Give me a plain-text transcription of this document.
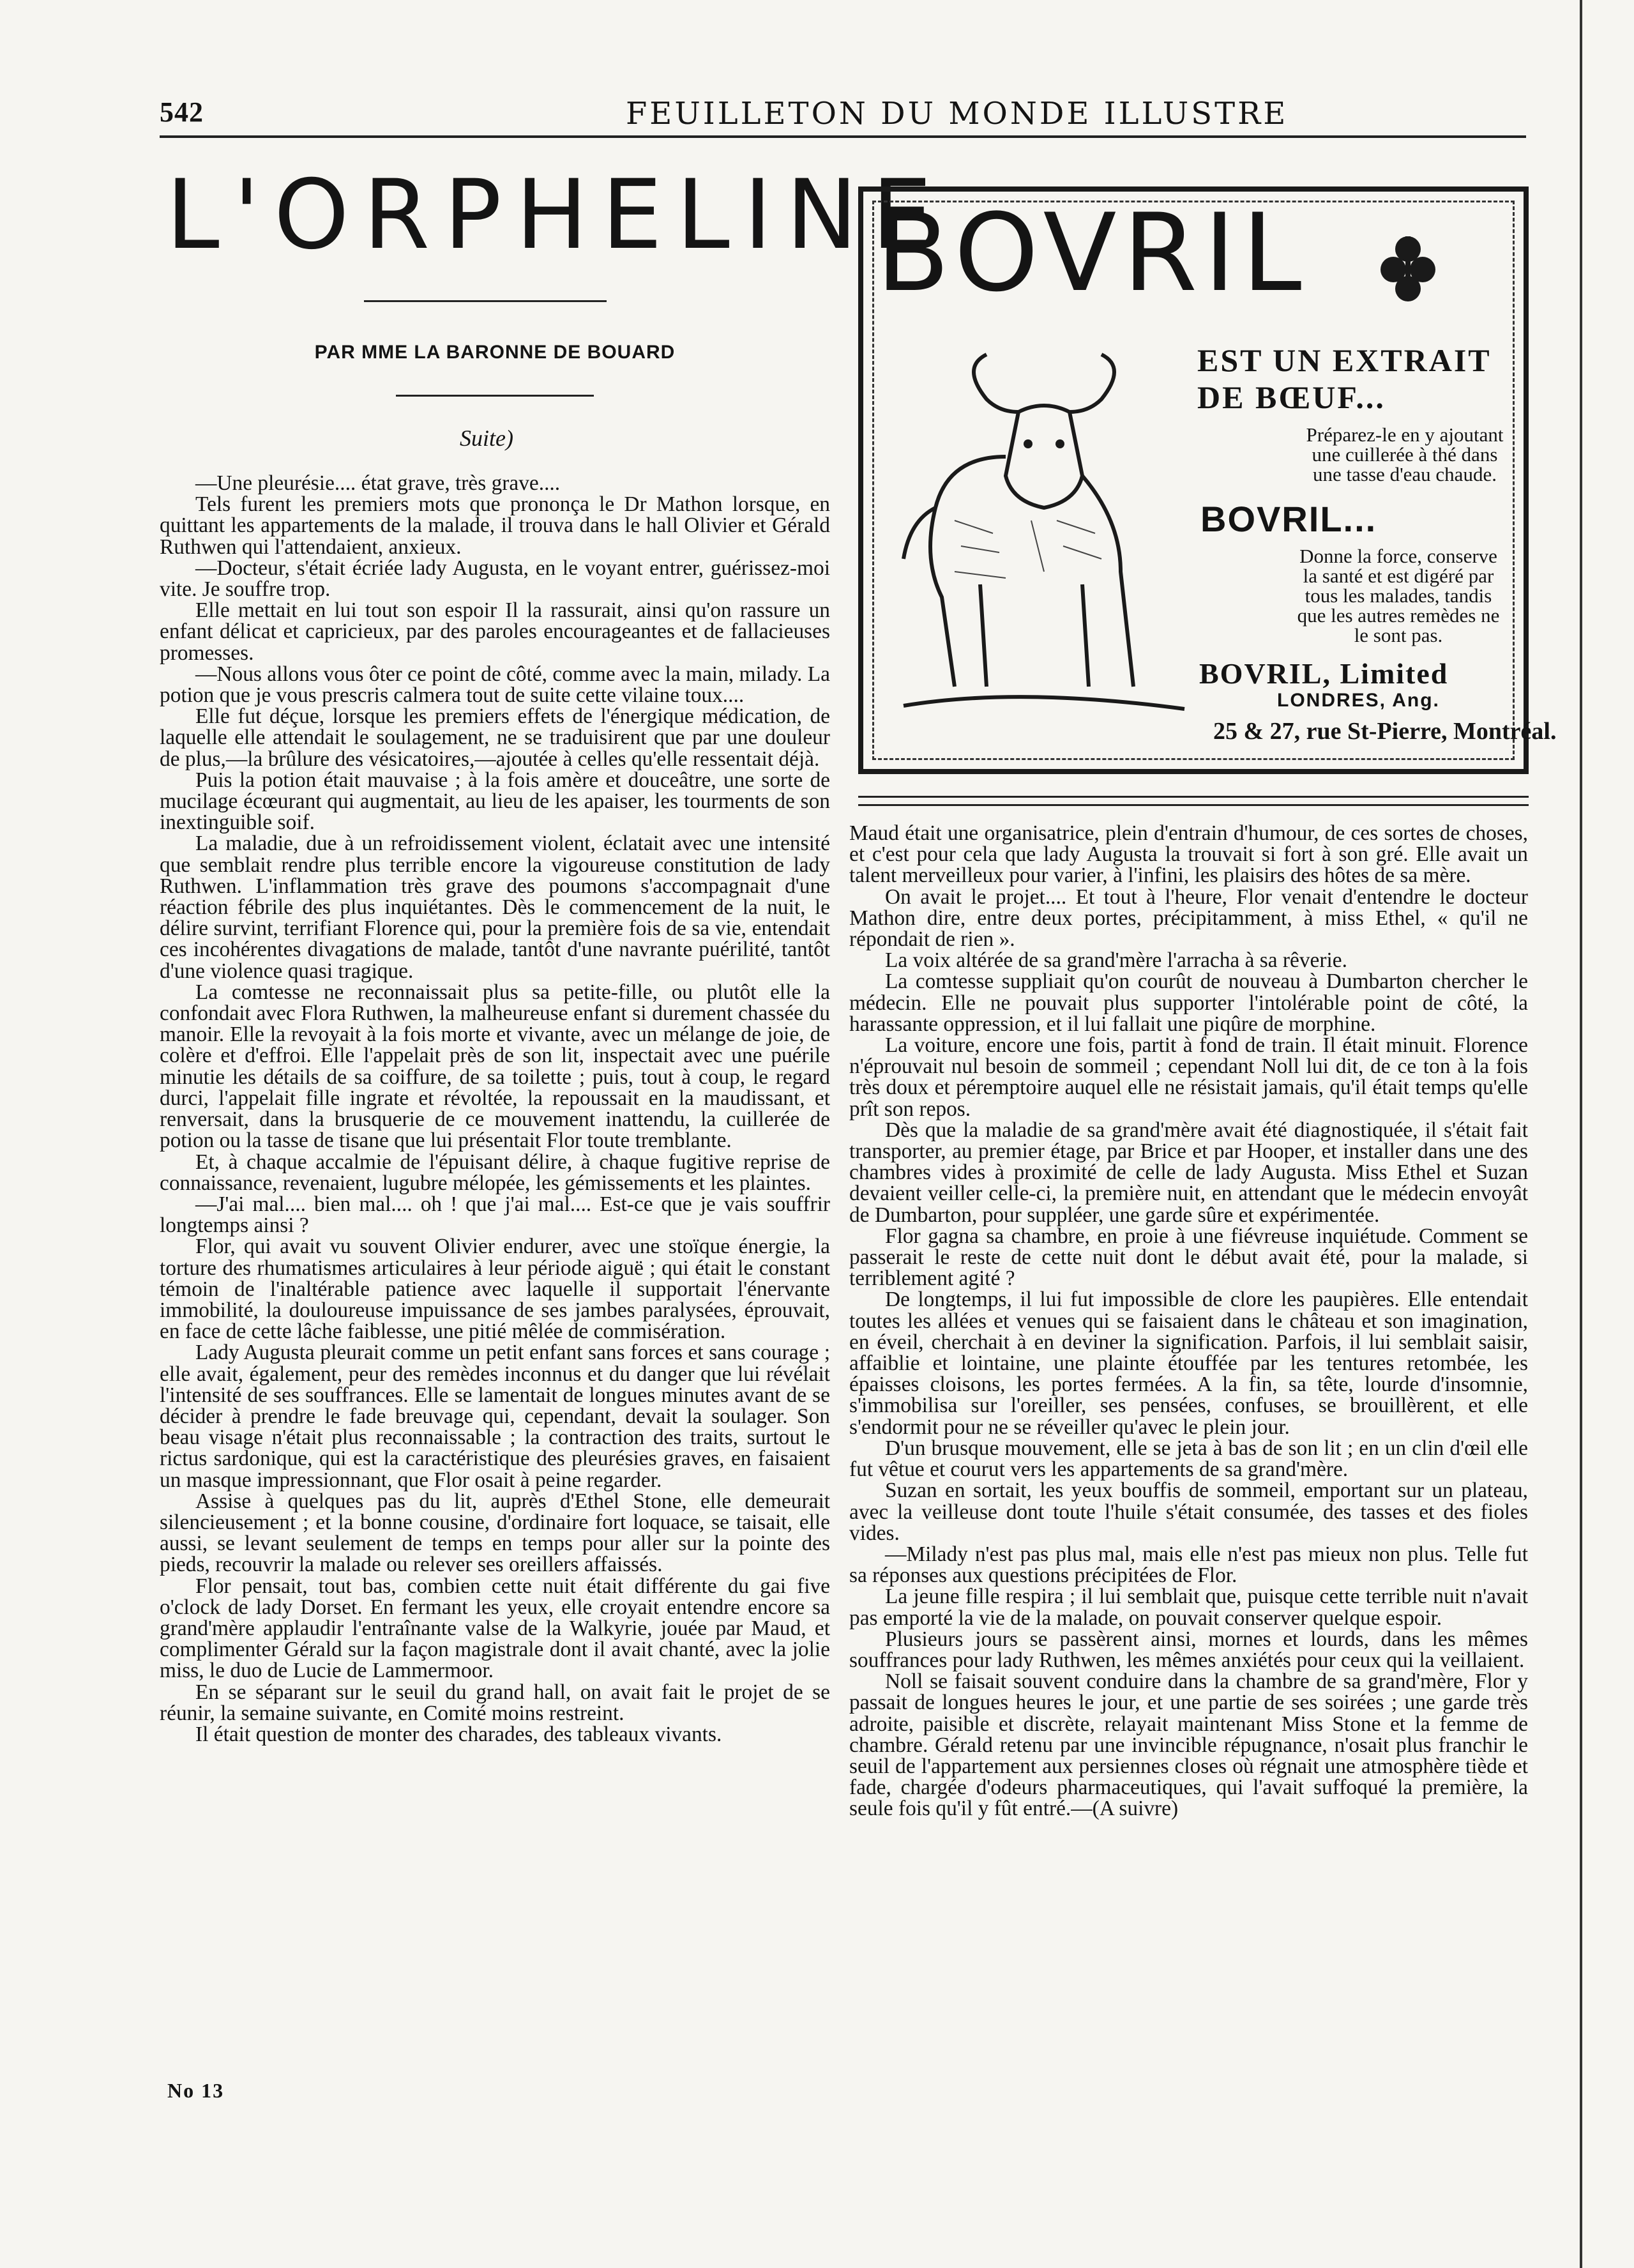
542	FEUILLETON DU MONDE ILLUSTRE
L'ORPHELINE
PAR MME LA BARONNE DE BOUARD
Suite)
BOVRIL
EST UN EXTRAIT
DE BŒUF...
Préparez-le en y ajoutant
une cuillerée à thé dans
une tasse d'eau chaude.
BOVRIL...
Donne la force, conserve
la santé et est digéré par
tous les malades, tandis
que les autres remèdes ne
le sont pas.
BOVRIL, Limited
LONDRES, Ang.
25 & 27, rue St-Pierre, Montréal.

—Une pleurésie.... état grave, très grave....

Tels furent les premiers mots que prononça le Dr Mathon lorsque, en quittant les appartements de la malade, il trouva dans le hall Olivier et Gérald Ruthwen qui l'attendaient, anxieux.

—Docteur, s'était écriée lady Augusta, en le voyant entrer, guérissez-moi vite. Je souffre trop.

Elle mettait en lui tout son espoir Il la rassurait, ainsi qu'on rassure un enfant délicat et capricieux, par des paroles encourageantes et de fallacieuses promesses.

—Nous allons vous ôter ce point de côté, comme avec la main, milady. La potion que je vous prescris calmera tout de suite cette vilaine toux....

Elle fut déçue, lorsque les premiers effets de l'énergique médication, de laquelle elle attendait le soulagement, ne se traduisirent que par une douleur de plus,—la brûlure des vésicatoires,—ajoutée à celles qu'elle ressentait déjà.

Puis la potion était mauvaise ; à la fois amère et douceâtre, une sorte de mucilage écœurant qui augmentait, au lieu de les apaiser, les tourments de son inextinguible soif.

La maladie, due à un refroidissement violent, éclatait avec une intensité que semblait rendre plus terrible encore la vigoureuse constitution de lady Ruthwen. L'inflammation très grave des poumons s'accompagnait d'une réaction fébrile des plus inquiétantes. Dès le commencement de la nuit, le délire survint, terrifiant Florence qui, pour la première fois de sa vie, entendait ces incohérentes divagations de malade, tantôt d'une navrante puérilité, tantôt d'une violence quasi tragique.

La comtesse ne reconnaissait plus sa petite-fille, ou plutôt elle la confondait avec Flora Ruthwen, la malheureuse enfant si durement chassée du manoir. Elle la revoyait à la fois morte et vivante, avec un mélange de joie, de colère et d'effroi. Elle l'appelait près de son lit, inspectait avec une puérile minutie les détails de sa coiffure, de sa toilette ; puis, tout à coup, le regard durci, l'appelait fille ingrate et révoltée, la repoussait en la maudissant, et renversait, dans la brusquerie de ce mouvement inattendu, la cuillerée de potion ou la tasse de tisane que lui présentait Flor toute tremblante.

Et, à chaque accalmie de l'épuisant délire, à chaque fugitive reprise de connaissance, revenaient, lugubre mélopée, les gémissements et les plaintes.

—J'ai mal.... bien mal.... oh ! que j'ai mal.... Est-ce que je vais souffrir longtemps ainsi ?

Flor, qui avait vu souvent Olivier endurer, avec une stoïque énergie, la torture des rhumatismes articulaires à leur période aiguë ; qui était le constant témoin de l'inaltérable patience avec laquelle il supportait l'énervante immobilité, la douloureuse impuissance de ses jambes paralysées, éprouvait, en face de cette lâche faiblesse, une pitié mêlée de commisération.

Lady Augusta pleurait comme un petit enfant sans forces et sans courage ; elle avait, également, peur des remèdes inconnus et du danger que lui révélait l'intensité de ses souffrances. Elle se lamentait de longues minutes avant de se décider à prendre le fade breuvage qui, cependant, devait la soulager. Son beau visage n'était plus reconnaissable ; la contraction des traits, surtout le rictus sardonique, qui est la caractéristique des pleurésies graves, en faisaient un masque impressionnant, que Flor osait à peine regarder.

Assise à quelques pas du lit, auprès d'Ethel Stone, elle demeurait silencieusement ; et la bonne cousine, d'ordinaire fort loquace, se taisait, elle aussi, se levant seulement de temps en temps pour aller sur la pointe des pieds, recouvrir la malade ou relever ses oreillers affaissés.

Flor pensait, tout bas, combien cette nuit était différente du gai five o'clock de lady Dorset. En fermant les yeux, elle croyait entendre encore sa grand'mère applaudir l'entraînante valse de la Walkyrie, jouée par Maud, et complimenter Gérald sur la façon magistrale dont il avait chanté, avec la jolie miss, le duo de Lucie de Lammermoor.

En se séparant sur le seuil du grand hall, on avait fait le projet de se réunir, la semaine suivante, en Comité moins restreint.

Il était question de monter des charades, des tableaux vivants.

Maud était une organisatrice, plein d'entrain d'humour, de ces sortes de choses, et c'est pour cela que lady Augusta la trouvait si fort à son gré. Elle avait un talent merveilleux pour varier, à l'infini, les plaisirs des hôtes de sa mère.

On avait le projet.... Et tout à l'heure, Flor venait d'entendre le docteur Mathon dire, entre deux portes, précipitamment, à miss Ethel, « qu'il ne répondait de rien ».

La voix altérée de sa grand'mère l'arracha à sa rêverie.

La comtesse suppliait qu'on courût de nouveau à Dumbarton chercher le médecin. Elle ne pouvait plus supporter l'intolérable point de côté, la harassante oppression, et il lui fallait une piqûre de morphine.

La voiture, encore une fois, partit à fond de train. Il était minuit. Florence n'éprouvait nul besoin de sommeil ; cependant Noll lui dit, de ce ton à la fois très doux et péremptoire auquel elle ne résistait jamais, qu'il était temps qu'elle prît son repos.

Dès que la maladie de sa grand'mère avait été diagnostiquée, il s'était fait transporter, au premier étage, par Brice et par Hooper, et installer dans une des chambres vides à proximité de celle de lady Augusta. Miss Ethel et Suzan devaient veiller celle-ci, la première nuit, en attendant que le médecin envoyât de Dumbarton, pour suppléer, une garde sûre et expérimentée.

Flor gagna sa chambre, en proie à une fiévreuse inquiétude. Comment se passerait le reste de cette nuit dont le début avait été, pour la malade, si terriblement agité ?

De longtemps, il lui fut impossible de clore les paupières. Elle entendait toutes les allées et venues qui se faisaient dans le château et son imagination, en éveil, cherchait à en deviner la signification. Parfois, il lui semblait saisir, affaiblie et lointaine, une plainte étouffée par les tentures retombée, les épaisses cloisons, les portes fermées. A la fin, sa tête, lourde d'insomnie, s'immobilisa sur l'oreiller, ses pensées, confuses, se brouillèrent, et elle s'endormit pour ne se réveiller qu'avec le plein jour.

D'un brusque mouvement, elle se jeta à bas de son lit ; en un clin d'œil elle fut vêtue et courut vers les appartements de sa grand'mère.

Suzan en sortait, les yeux bouffis de sommeil, emportant sur un plateau, avec la veilleuse dont toute l'huile s'était consumée, des tasses et des fioles vides.

—Milady n'est pas plus mal, mais elle n'est pas mieux non plus. Telle fut sa réponses aux questions précipitées de Flor.

La jeune fille respira ; il lui semblait que, puisque cette terrible nuit n'avait pas emporté la vie de la malade, on pouvait conserver quelque espoir.

Plusieurs jours se passèrent ainsi, mornes et lourds, dans les mêmes souffrances pour lady Ruthwen, les mêmes anxiétés pour ceux qui la veillaient.

Noll se faisait souvent conduire dans la chambre de sa grand'mère, Flor y passait de longues heures le jour, et une partie de ses soirées ; une garde très adroite, paisible et discrète, relayait maintenant Miss Stone et la femme de chambre. Gérald retenu par une invincible répugnance, n'osait plus franchir le seuil de l'appartement aux persiennes closes où régnait une atmosphère tiède et fade, chargée d'odeurs pharmaceutiques, qui l'avait suffoqué la première, la seule fois qu'il y fût entré.—(A suivre)

No 13
